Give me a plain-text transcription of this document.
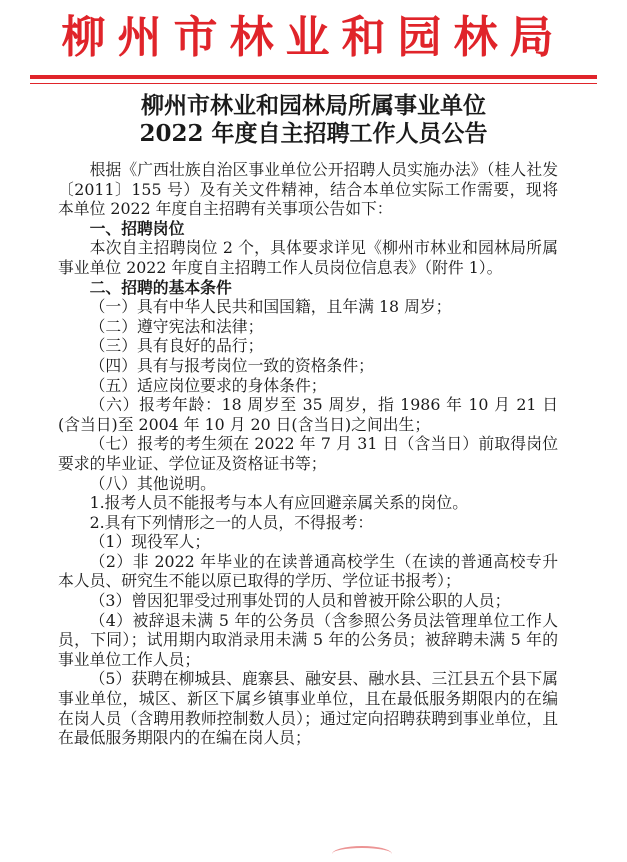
柳州市林业和园林局
柳州市林业和园林局所属事业单位
2022 年度自主招聘工作人员公告

根据《广西壮族自治区事业单位公开招聘人员实施办法》（桂人社发〔2011〕155 号）及有关文件精神，结合本单位实际工作需要，现将本单位 2022 年度自主招聘有关事项公告如下：

一、招聘岗位

本次自主招聘岗位 2 个，具体要求详见《柳州市林业和园林局所属事业单位 2022 年度自主招聘工作人员岗位信息表》（附件 1）。

二、招聘的基本条件

（一）具有中华人民共和国国籍，且年满 18 周岁；

（二）遵守宪法和法律；

（三）具有良好的品行；

（四）具有与报考岗位一致的资格条件；

（五）适应岗位要求的身体条件；

（六）报考年龄：18 周岁至 35 周岁，指 1986 年 10 月 21 日(含当日)至 2004 年 10 月 20 日(含当日)之间出生；

（七）报考的考生须在 2022 年 7 月 31 日（含当日）前取得岗位要求的毕业证、学位证及资格证书等；

（八）其他说明。

1.报考人员不能报考与本人有应回避亲属关系的岗位。

2.具有下列情形之一的人员，不得报考：

（1）现役军人；

（2）非 2022 年毕业的在读普通高校学生（在读的普通高校专升本人员、研究生不能以原已取得的学历、学位证书报考）；

（3）曾因犯罪受过刑事处罚的人员和曾被开除公职的人员；

（4）被辞退未满 5 年的公务员（含参照公务员法管理单位工作人员，下同）；试用期内取消录用未满 5 年的公务员；被辞聘未满 5 年的事业单位工作人员；

（5）获聘在柳城县、鹿寨县、融安县、融水县、三江县五个县下属事业单位，城区、新区下属乡镇事业单位，且在最低服务期限内的在编在岗人员（含聘用教师控制数人员）；通过定向招聘获聘到事业单位，且在最低服务期限内的在编在岗人员；
